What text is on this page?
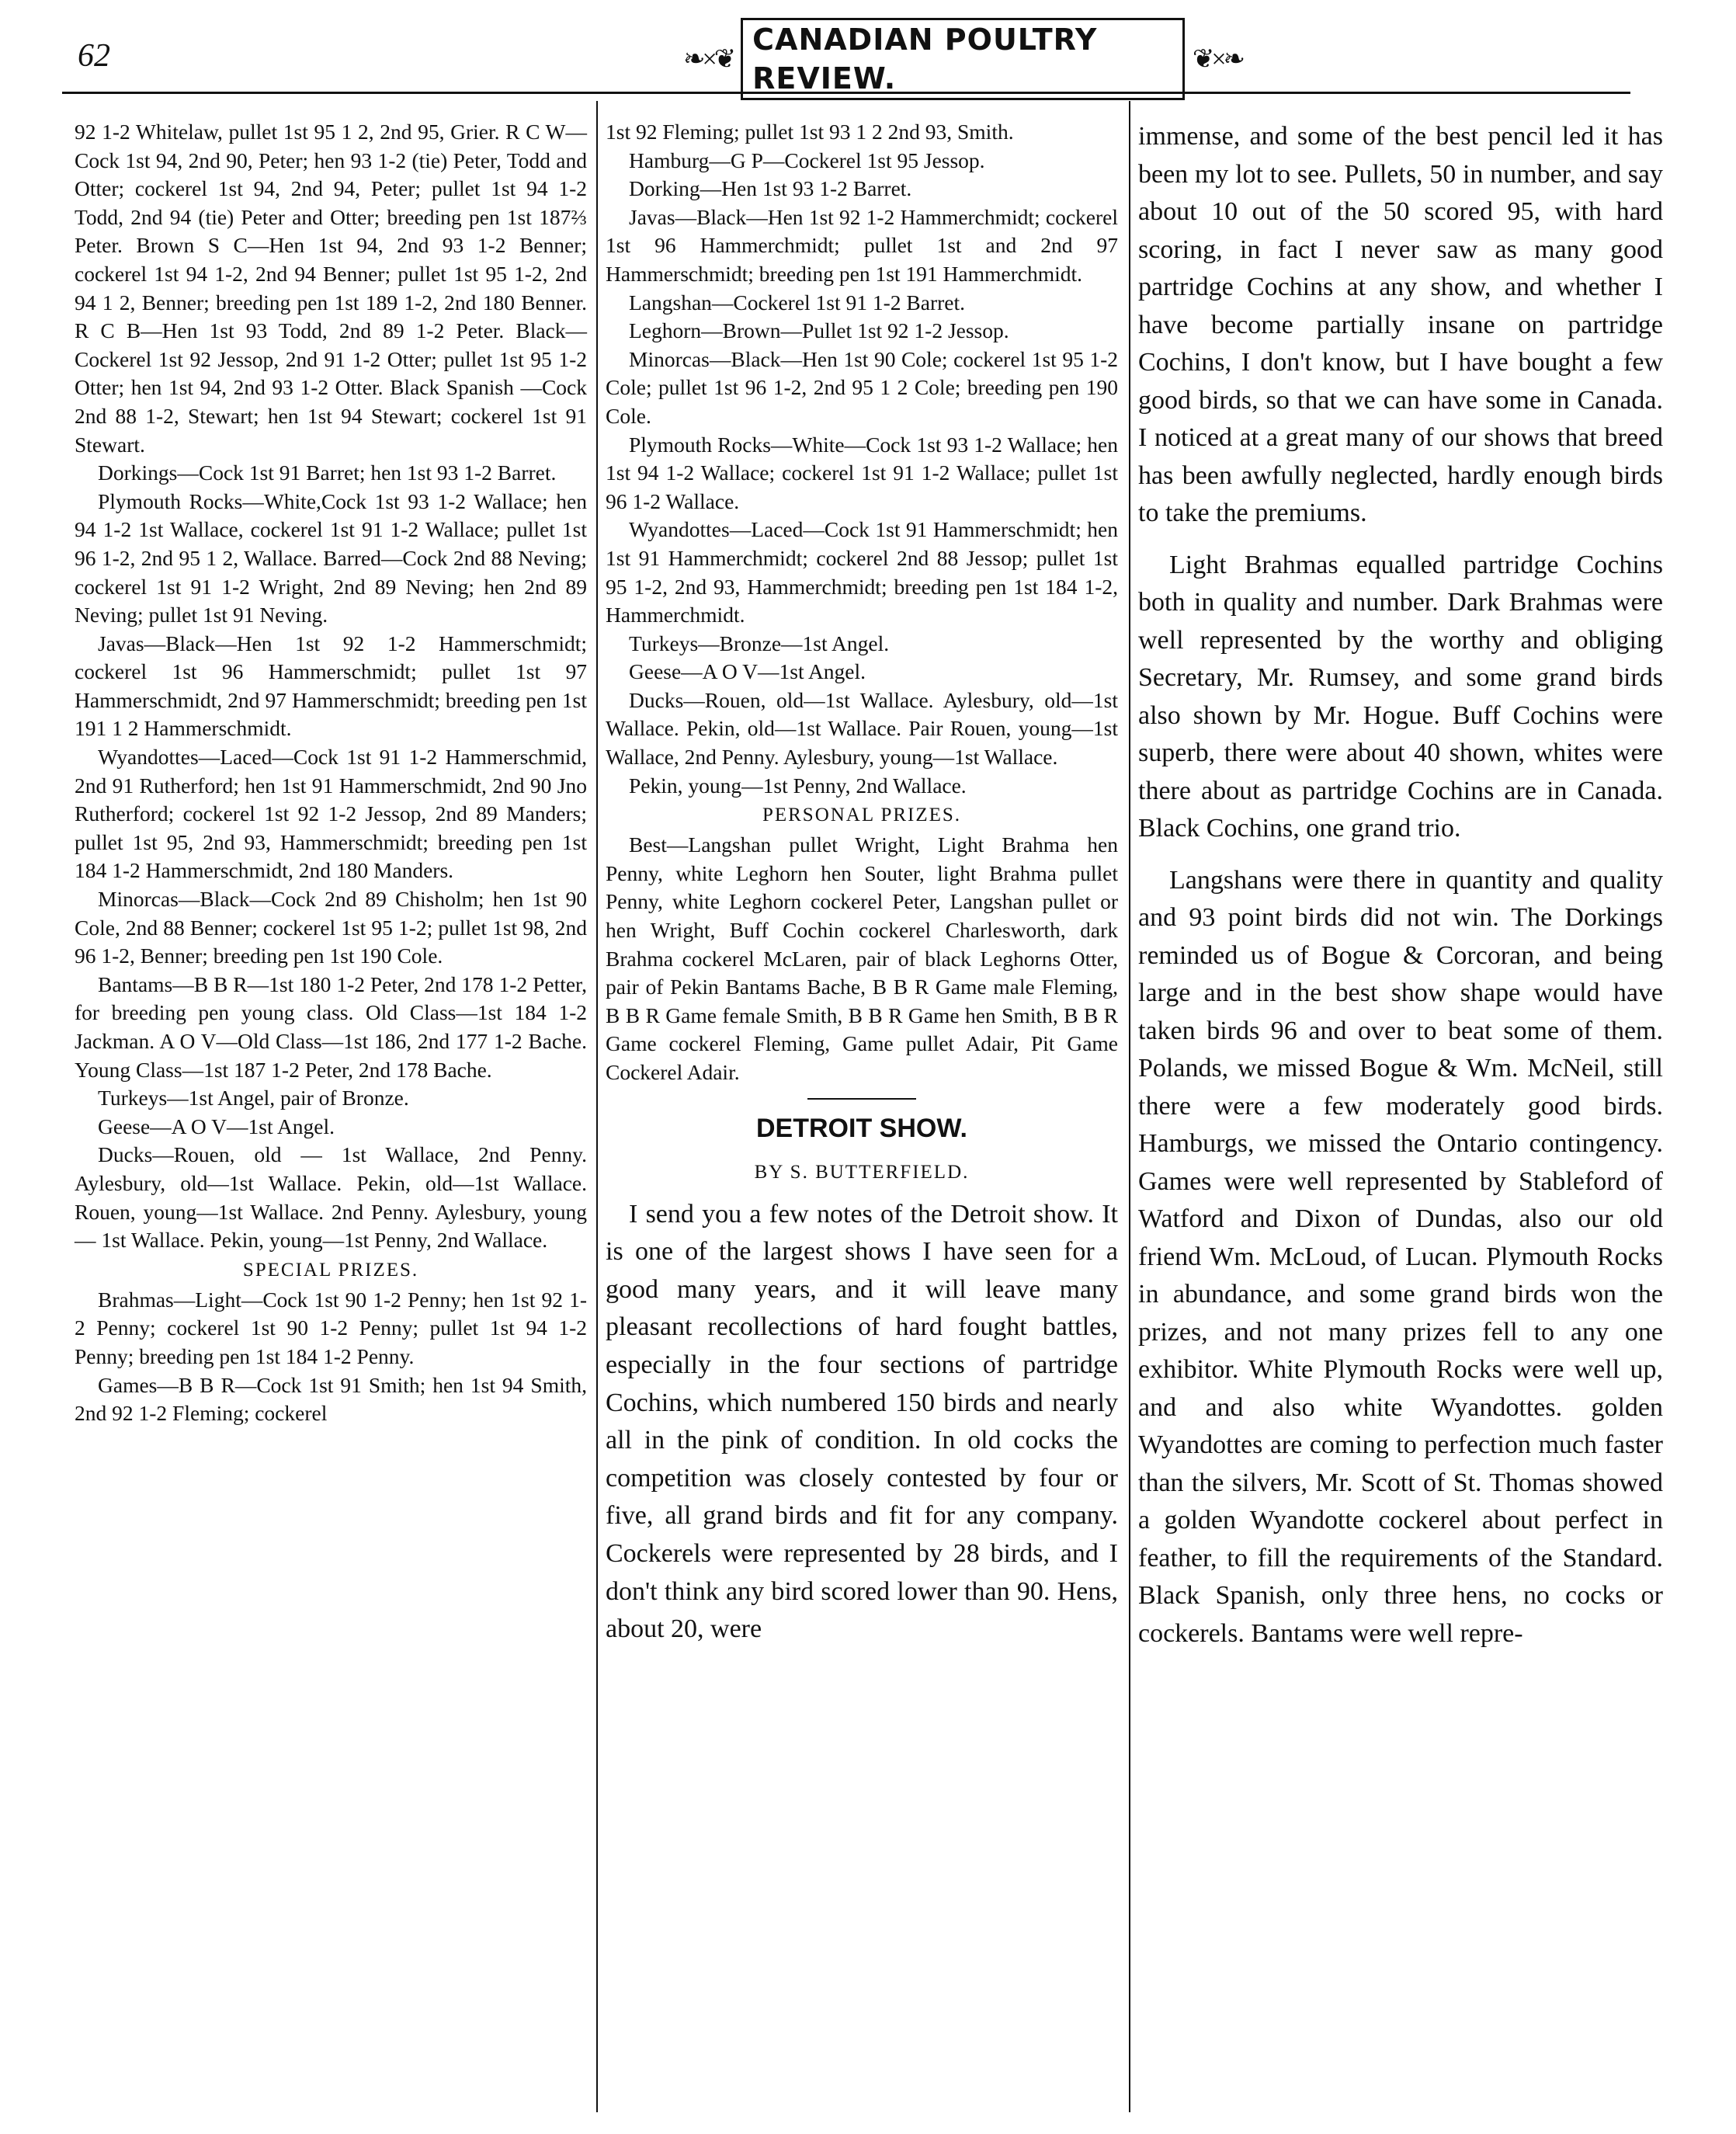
62	❧×❦
CANADIAN POULTRY REVIEW.
❦×❧

92 1-2 Whitelaw, pullet 1st 95 1 2, 2nd 95, Grier. R C W—Cock 1st 94, 2nd 90, Peter; hen 93 1-2 (tie) Peter, Todd and Otter; cockerel 1st 94, 2nd 94, Peter; pullet 1st 94 1-2 Todd, 2nd 94 (tie) Peter and Otter; breeding pen 1st 187⅔ Peter. Brown S C—Hen 1st 94, 2nd 93 1-2 Benner; cockerel 1st 94 1-2, 2nd 94 Benner; pullet 1st 95 1-2, 2nd 94 1 2, Benner; breeding pen 1st 189 1-2, 2nd 180 Benner. R C B—Hen 1st 93 Todd, 2nd 89 1-2 Peter. Black—Cockerel 1st 92 Jessop, 2nd 91 1-2 Otter; pullet 1st 95 1-2 Otter; hen 1st 94, 2nd 93 1-2 Otter. Black Spanish —Cock 2nd 88 1-2, Stewart; hen 1st 94 Stewart; cockerel 1st 91 Stewart.

Dorkings—Cock 1st 91 Barret; hen 1st 93 1-2 Barret.

Plymouth Rocks—White,Cock 1st 93 1-2 Wallace; hen 94 1-2 1st Wallace, cockerel 1st 91 1-2 Wallace; pullet 1st 96 1-2, 2nd 95 1 2, Wallace. Barred—Cock 2nd 88 Neving; cockerel 1st 91 1-2 Wright, 2nd 89 Neving; hen 2nd 89 Neving; pullet 1st 91 Neving.

Javas—Black—Hen 1st 92 1-2 Hammerschmidt; cockerel 1st 96 Hammerschmidt; pullet 1st 97 Hammerschmidt, 2nd 97 Hammerschmidt; breeding pen 1st 191 1 2 Hammerschmidt.

Wyandottes—Laced—Cock 1st 91 1-2 Hammerschmid, 2nd 91 Rutherford; hen 1st 91 Hammerschmidt, 2nd 90 Jno Rutherford; cockerel 1st 92 1-2 Jessop, 2nd 89 Manders; pullet 1st 95, 2nd 93, Hammerschmidt; breeding pen 1st 184 1-2 Hammerschmidt, 2nd 180 Manders.

Minorcas—Black—Cock 2nd 89 Chisholm; hen 1st 90 Cole, 2nd 88 Benner; cockerel 1st 95 1-2; pullet 1st 98, 2nd 96 1-2, Benner; breeding pen 1st 190 Cole.

Bantams—B B R—1st 180 1-2 Peter, 2nd 178 1-2 Petter, for breeding pen young class. Old Class—1st 184 1-2 Jackman. A O V—Old Class—1st 186, 2nd 177 1-2 Bache. Young Class—1st 187 1-2 Peter, 2nd 178 Bache.

Turkeys—1st Angel, pair of Bronze.

Geese—A O V—1st Angel.

Ducks—Rouen, old — 1st Wallace, 2nd Penny. Aylesbury, old—1st Wallace. Pekin, old—1st Wallace. Rouen, young—1st Wallace. 2nd Penny. Aylesbury, young — 1st Wallace. Pekin, young—1st Penny, 2nd Wallace.

SPECIAL PRIZES.

Brahmas—Light—Cock 1st 90 1-2 Penny; hen 1st 92 1-2 Penny; cockerel 1st 90 1-2 Penny; pullet 1st 94 1-2 Penny; breeding pen 1st 184 1-2 Penny.

Games—B B R—Cock 1st 91 Smith; hen 1st 94 Smith, 2nd 92 1-2 Fleming; cockerel

1st 92 Fleming; pullet 1st 93 1 2 2nd 93, Smith.

Hamburg—G P—Cockerel 1st 95 Jessop.

Dorking—Hen 1st 93 1-2 Barret.

Javas—Black—Hen 1st 92 1-2 Hammerchmidt; cockerel 1st 96 Hammerchmidt; pullet 1st and 2nd 97 Hammerschmidt; breeding pen 1st 191 Hammerchmidt.

Langshan—Cockerel 1st 91 1-2 Barret.

Leghorn—Brown—Pullet 1st 92 1-2 Jessop.

Minorcas—Black—Hen 1st 90 Cole; cockerel 1st 95 1-2 Cole; pullet 1st 96 1-2, 2nd 95 1 2 Cole; breeding pen 190 Cole.

Plymouth Rocks—White—Cock 1st 93 1-2 Wallace; hen 1st 94 1-2 Wallace; cockerel 1st 91 1-2 Wallace; pullet 1st 96 1-2 Wallace.

Wyandottes—Laced—Cock 1st 91 Hammerschmidt; hen 1st 91 Hammerchmidt; cockerel 2nd 88 Jessop; pullet 1st 95 1-2, 2nd 93, Hammerchmidt; breeding pen 1st 184 1-2, Hammerchmidt.

Turkeys—Bronze—1st Angel.

Geese—A O V—1st Angel.

Ducks—Rouen, old—1st Wallace. Aylesbury, old—1st Wallace. Pekin, old—1st Wallace. Pair Rouen, young—1st Wallace, 2nd Penny. Aylesbury, young—1st Wallace.

Pekin, young—1st Penny, 2nd Wallace.

PERSONAL PRIZES.

Best—Langshan pullet Wright, Light Brahma hen Penny, white Leghorn hen Souter, light Brahma pullet Penny, white Leghorn cockerel Peter, Langshan pullet or hen Wright, Buff Cochin cockerel Charlesworth, dark Brahma cockerel McLaren, pair of black Leghorns Otter, pair of Pekin Bantams Bache, B B R Game male Fleming, B B R Game female Smith, B B R Game hen Smith, B B R Game cockerel Fleming, Game pullet Adair, Pit Game Cockerel Adair.

DETROIT SHOW.
BY S. BUTTERFIELD.

I send you a few notes of the Detroit show. It is one of the largest shows I have seen for a good many years, and it will leave many pleasant recollections of hard fought battles, especially in the four sections of partridge Cochins, which numbered 150 birds and nearly all in the pink of condition. In old cocks the competition was closely contested by four or five, all grand birds and fit for any company. Cockerels were represented by 28 birds, and I don't think any bird scored lower than 90. Hens, about 20, were

immense, and some of the best pencil led it has been my lot to see. Pullets, 50 in number, and say about 10 out of the 50 scored 95, with hard scoring, in fact I never saw as many good partridge Cochins at any show, and whether I have become partially insane on partridge Cochins, I don't know, but I have bought a few good birds, so that we can have some in Canada. I noticed at a great many of our shows that breed has been awfully neglected, hardly enough birds to take the premiums.

Light Brahmas equalled partridge Cochins both in quality and number. Dark Brahmas were well represented by the worthy and obliging Secretary, Mr. Rumsey, and some grand birds also shown by Mr. Hogue. Buff Cochins were superb, there were about 40 shown, whites were there about as partridge Cochins are in Canada. Black Cochins, one grand trio.

Langshans were there in quantity and quality and 93 point birds did not win. The Dorkings reminded us of Bogue & Corcoran, and being large and in the best show shape would have taken birds 96 and over to beat some of them. Polands, we missed Bogue & Wm. McNeil, still there were a few moderately good birds. Hamburgs, we missed the Ontario contingency. Games were well represented by Stableford of Watford and Dixon of Dundas, also our old friend Wm. McLoud, of Lucan. Plymouth Rocks in abundance, and some grand birds won the prizes, and not many prizes fell to any one exhibitor. White Plymouth Rocks were well up, and and also white Wyandottes. golden Wyandottes are coming to perfection much faster than the silvers, Mr. Scott of St. Thomas showed a golden Wyandotte cockerel about perfect in feather, to fill the requirements of the Standard. Black Spanish, only three hens, no cocks or cockerels. Bantams were well repre-
